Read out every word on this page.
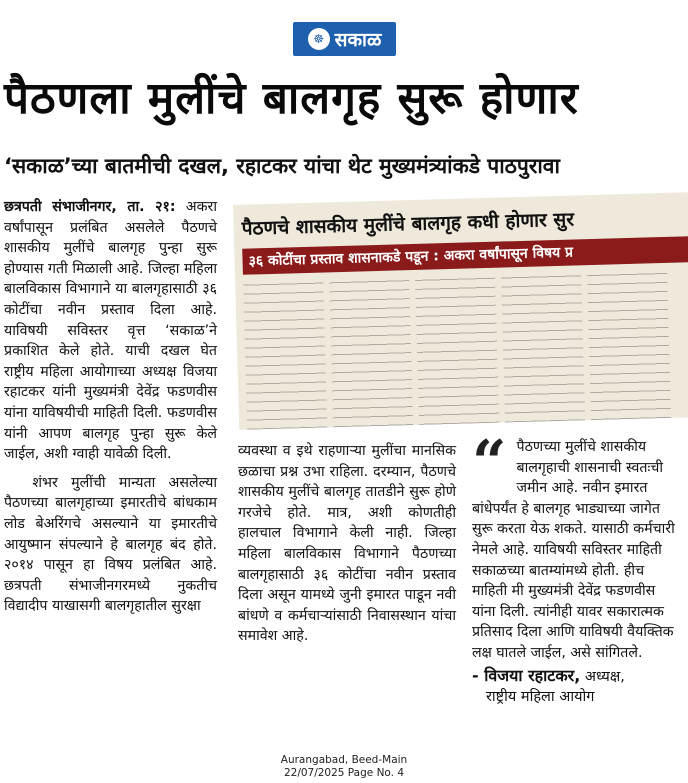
☸ सकाळ
पैठणला मुलींचे बालगृह सुरू होणार
‘सकाळ’च्या बातमीची दखल, रहाटकर यांचा थेट मुख्यमंत्र्यांकडे पाठपुरावा

छत्रपती संभाजीनगर, ता. २१: अकरा वर्षांपासून प्रलंबित असलेले पैठणचे शासकीय मुलींचे बालगृह पुन्हा सुरू होण्यास गती मिळाली आहे. जिल्हा महिला बालविकास विभागाने या बालगृहासाठी ३६ कोटींचा नवीन प्रस्ताव दिला आहे. याविषयी सविस्तर वृत्त ‘सकाळ’ने प्रकाशित केले होते. याची दखल घेत राष्ट्रीय महिला आयोगाच्या अध्यक्ष विजया रहाटकर यांनी मुख्यमंत्री देवेंद्र फडणवीस यांना याविषयीची माहिती दिली. फडणवीस यांनी आपण बालगृह पुन्हा सुरू केले जाईल, अशी ग्वाही यावेळी दिली.

शंभर मुलींची मान्यता असलेल्या पैठणच्या बालगृहाच्या इमारतीचे बांधकाम लोड बेअरिंगचे असल्याने या इमारतीचे आयुष्मान संपल्याने हे बालगृह बंद होते. २०१४ पासून हा विषय प्रलंबित आहे. छत्रपती संभाजीनगरमध्ये नुकतीच विद्यादीप याखासगी बालगृहातील सुरक्षा

पैठणचे शासकीय मुलींचे बालगृह कधी होणार सुर
३६ कोटींचा प्रस्ताव शासनाकडे पडून : अकरा वर्षांपासून विषय प्र

व्यवस्था व इथे राहणाऱ्या मुलींचा मानसिक छळाचा प्रश्न उभा राहिला. दरम्यान, पैठणचे शासकीय मुलींचे बालगृह तातडीने सुरू होणे गरजेचे होते. मात्र, अशी कोणतीही हालचाल विभागाने केली नाही. जिल्हा महिला बालविकास विभागाने पैठणच्या बालगृहासाठी ३६ कोटींचा नवीन प्रस्ताव दिला असून यामध्ये जुनी इमारत पाडून नवी बांधणे व कर्मचाऱ्यांसाठी निवासस्थान यांचा समावेश आहे.

“ पैठणच्या मुलींचे शासकीय बालगृहाची शासनाची स्वतःची जमीन आहे. नवीन इमारत बांधेपर्यंत हे बालगृह भाड्याच्या जागेत सुरू करता येऊ शकते. यासाठी कर्मचारी नेमले आहे. याविषयी सविस्तर माहिती सकाळच्या बातम्यांमध्ये होती. हीच माहिती मी मुख्यमंत्री देवेंद्र फडणवीस यांना दिली. त्यांनीही यावर सकारात्मक प्रतिसाद दिला आणि याविषयी वैयक्तिक लक्ष घातले जाईल, असे सांगितले.

- विजया रहाटकर, अध्यक्ष,
राष्ट्रीय महिला आयोग
Aurangabad, Beed-Main
22/07/2025 Page No. 4
